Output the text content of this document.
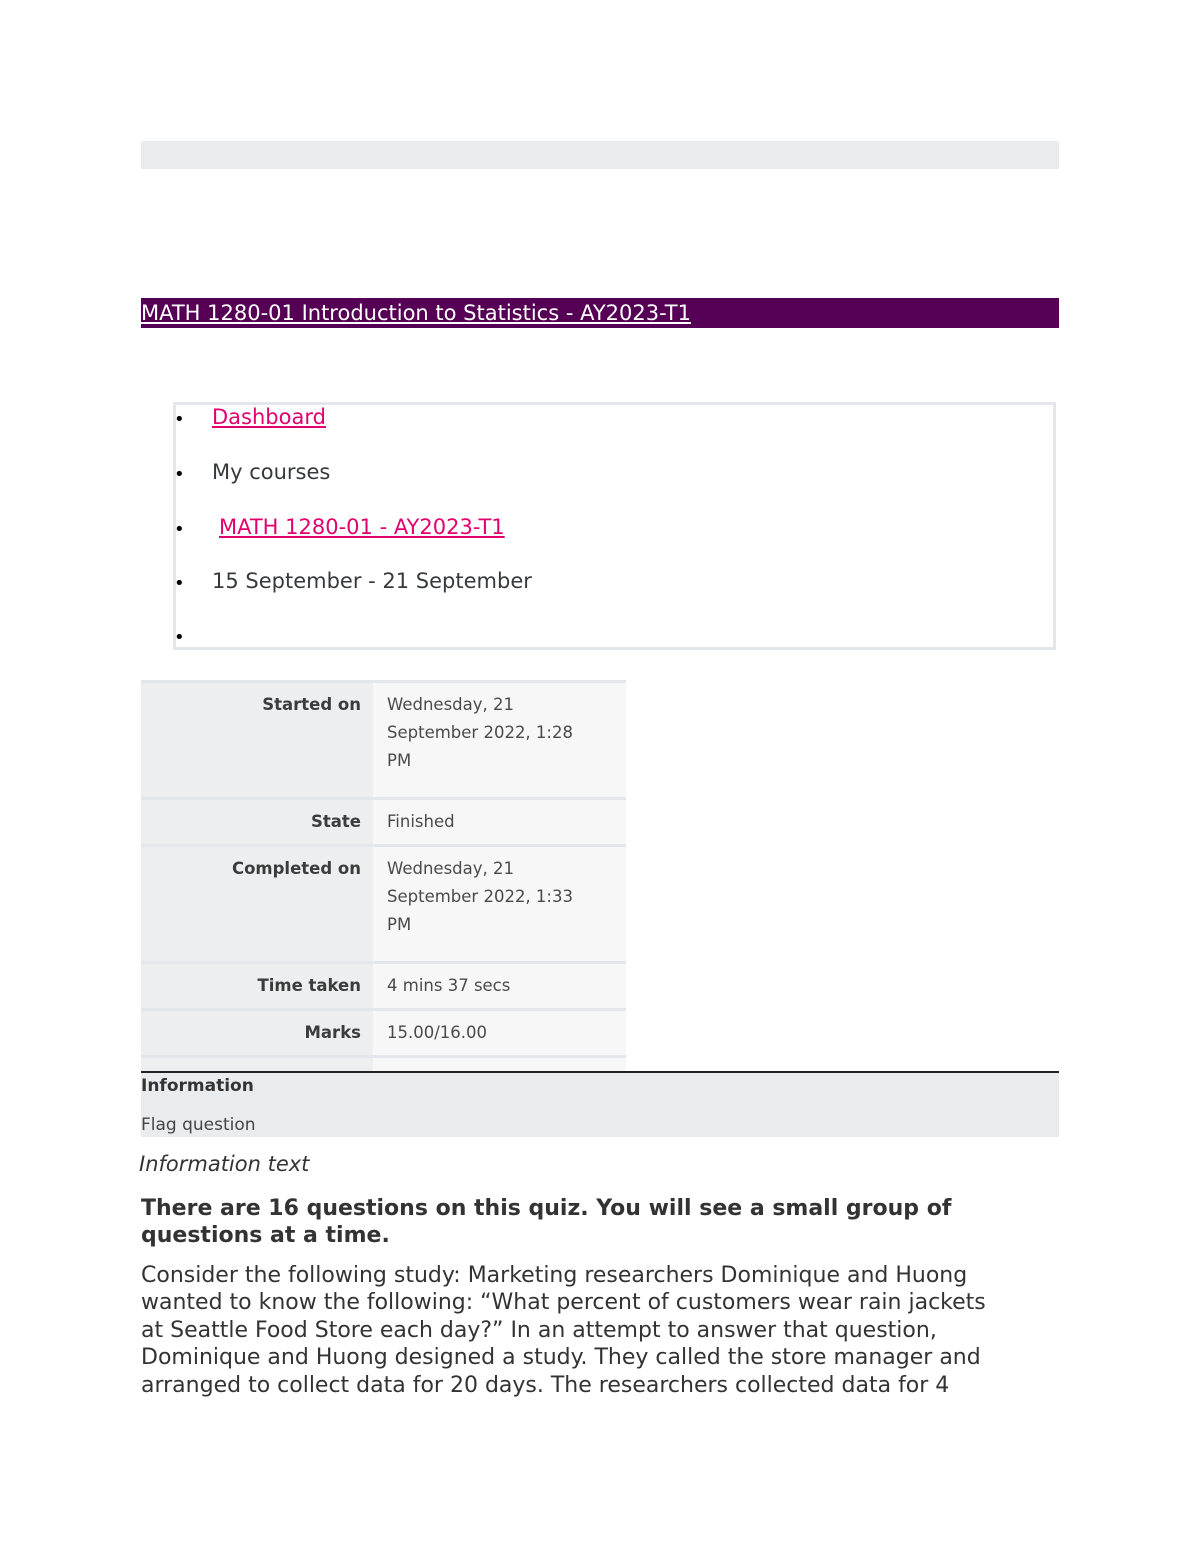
MATH 1280-01 Introduction to Statistics - AY2023-T1
• Dashboard
• My courses
• MATH 1280-01 - AY2023-T1
• 15 September - 21 September
•
Started on	Wednesday, 21
September 2022, 1:28
PM
State	Finished
Completed on	Wednesday, 21
September 2022, 1:33
PM
Time taken	4 mins 37 secs
Marks	15.00/16.00

Information
Flag question
Information text
There are 16 questions on this quiz. You will see a small group of questions at a time.
Consider the following study: Marketing researchers Dominique and Huong
wanted to know the following: “What percent of customers wear rain jackets
at Seattle Food Store each day?” In an attempt to answer that question,
Dominique and Huong designed a study. They called the store manager and
arranged to collect data for 20 days. The researchers collected data for 4
